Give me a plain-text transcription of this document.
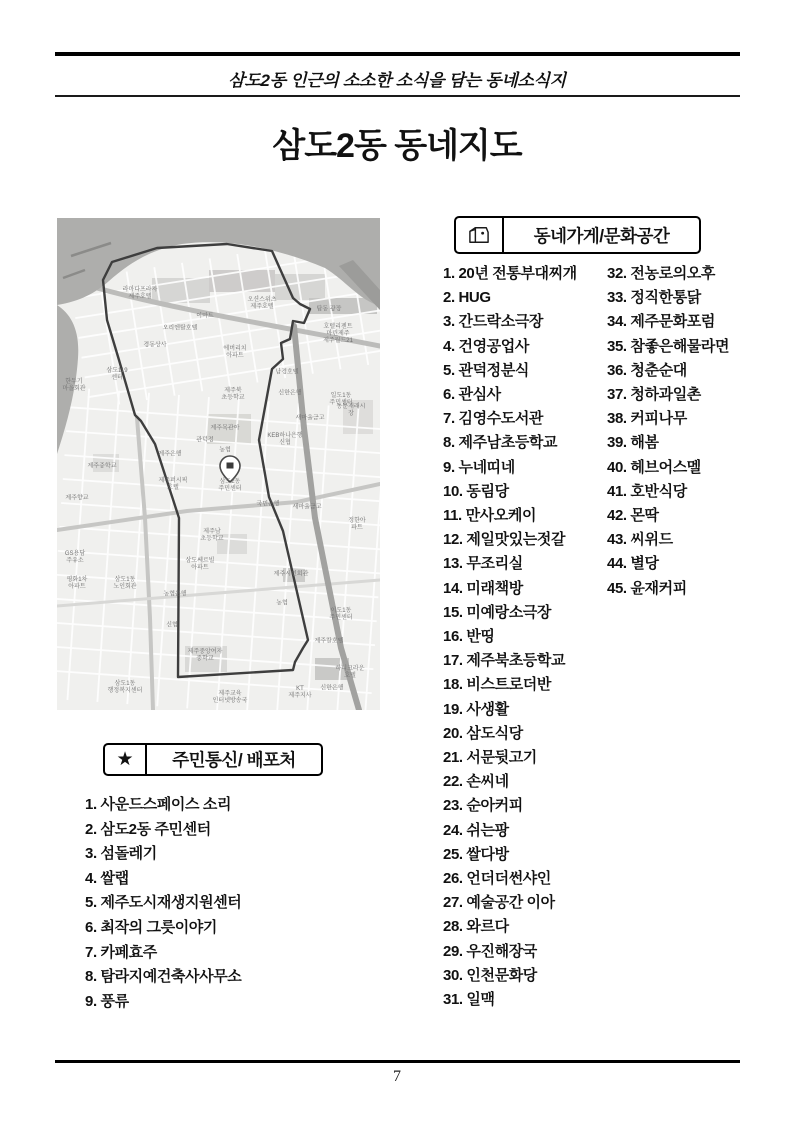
삼도2동 인근의 소소한 소식을 담는 동네소식지
삼도2동 동네지도
라마다프라자
제주호텔
이마트
오션스위츠
제주호텔
오리엔탈호텔
탑동 광장
호텔리젠트
마린제주
제주월드21
경동상사
에버리치
아파트
한두기
마을회관
삼도119
센터
남경호텔
신한은행	일도1동
주민센터
제주북
초등학교
새마을금고
동문재래시장
제주목관아
관덕정
제주은행
농협
KEB하나은행
신협
제주중학교
제주퍼시픽
호텔
국민은행 새마을금고
제주향교
제주남
초등학교
삼도쎄르빌
아파트
제주시민회관
GS용담
주유소
평화1차
아파트
삼도1동
노인회관
농협은행
농협
이도1동
주민센터
신협
제주칼호텔
제주중앙여자
중학교
하니크라운
호텔
삼도1동
행정복지센터	제주교육
인터넷방송국
KT
제주지사
신한은행
정한아파트
삼도2동
주민센터
동네가게/문화공간
1. 20년 전통부대찌개
2. HUG
3. 간드락소극장
4. 건영공업사
5. 관덕정분식
6. 관심사
7. 김영수도서관
8. 제주남초등학교
9. 누네띠네
10. 동림당
11. 만사오케이
12. 제일맛있는젓갈
13. 무조리실
14. 미래책방
15. 미예랑소극장
16. 반띵
17. 제주북초등학교
18. 비스트로더반
19. 사생활
20. 삼도식당
21. 서문뒷고기
22. 손씨네
23. 순아커피
24. 쉬는팡
25. 쌀다방
26. 언더더썬샤인
27. 예술공간 이아
28. 와르다
29. 우진해장국
30. 인천문화당
31. 일맥
32. 전농로의오후
33. 정직한통닭
34. 제주문화포럼
35. 참좋은해물라면
36. 청춘순대
37. 청하과일촌
38. 커피나무
39. 해봄
40. 헤브어스멜
41. 호반식당
42. 몬딱
43. 씨위드
44. 별당
45. 윤재커피
★	주민통신/ 배포처
1. 사운드스페이스 소리
2. 삼도2동 주민센터
3. 섬돌레기
4. 쌀랩
5. 제주도시재생지원센터
6. 최작의 그릇이야기
7. 카페효주
8. 탐라지예건축사사무소
9. 풍류
7
